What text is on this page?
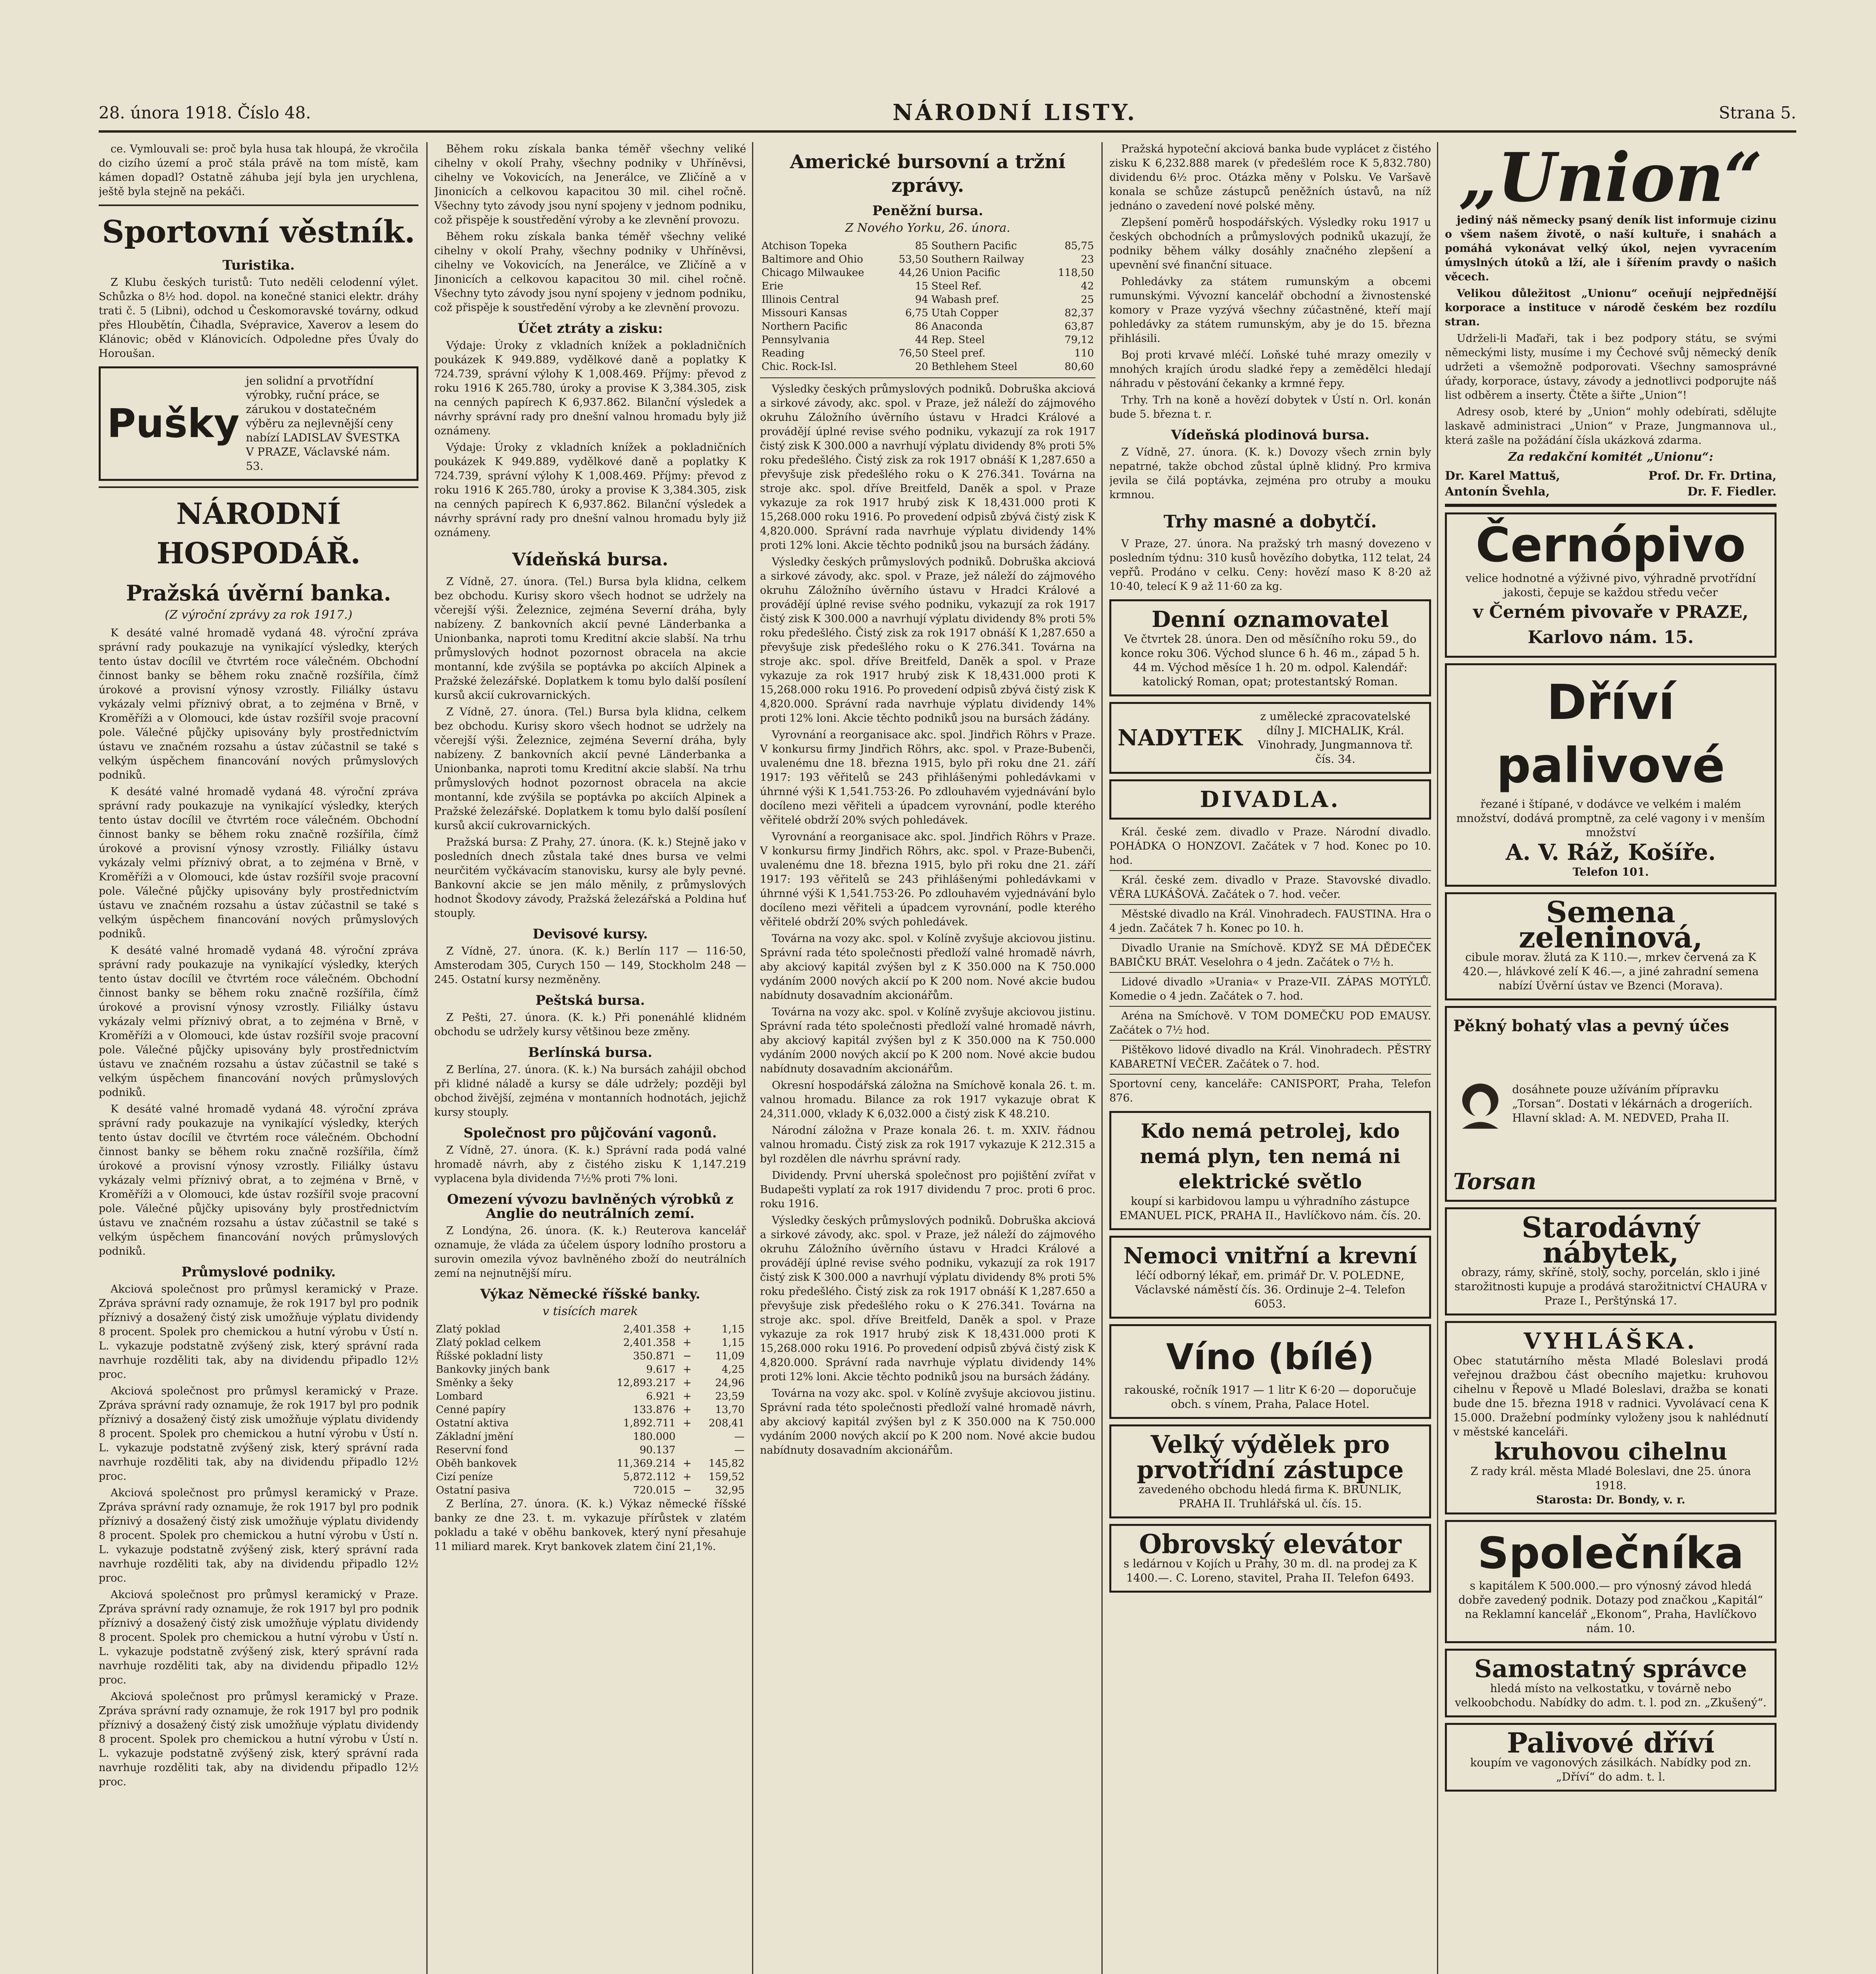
28. února 1918. Číslo 48.	NÁRODNÍ LISTY.	Strana 5.

ce. Vymlouvali se: proč byla husa tak hloupá, že vkročila do cizího území a proč stála právě na tom místě, kam kámen dopadl? Ostatně záhuba její byla jen urychlena, ještě byla stejně na pekáči.

Sportovní věstník.
Turistika.

Z Klubu českých turistů: Tuto neděli celodenní výlet. Schůzka o 8½ hod. dopol. na konečné stanici elektr. dráhy trati č. 5 (Libni), odchod u Českomoravské továrny, odkud přes Hloubětín, Čihadla, Svépravice, Xaverov a lesem do Klánovic; oběd v Klánovicích. Odpoledne přes Úvaly do Horoušan.

Pušky
jen solidní a prvotřídní výrobky, ruční práce, se zárukou v dostatečném výběru za nejlevnější ceny nabízí LADISLAV ŠVESTKA V PRAZE, Václavské nám. 53.
NÁRODNÍ HOSPODÁŘ.
Pražská úvěrní banka.
(Z výroční zprávy za rok 1917.)

K desáté valné hromadě vydaná 48. výroční zpráva správní rady poukazuje na vynikající výsledky, kterých tento ústav docílil ve čtvrtém roce válečném. Obchodní činnost banky se během roku značně rozšířila, čímž úrokové a provisní výnosy vzrostly. Filiálky ústavu vykázaly velmi příznivý obrat, a to zejména v Brně, v Kroměříži a v Olomouci, kde ústav rozšířil svoje pracovní pole. Válečné půjčky upisovány byly prostřednictvím ústavu ve značném rozsahu a ústav zúčastnil se také s velkým úspěchem financování nových průmyslových podniků.

K desáté valné hromadě vydaná 48. výroční zpráva správní rady poukazuje na vynikající výsledky, kterých tento ústav docílil ve čtvrtém roce válečném. Obchodní činnost banky se během roku značně rozšířila, čímž úrokové a provisní výnosy vzrostly. Filiálky ústavu vykázaly velmi příznivý obrat, a to zejména v Brně, v Kroměříži a v Olomouci, kde ústav rozšířil svoje pracovní pole. Válečné půjčky upisovány byly prostřednictvím ústavu ve značném rozsahu a ústav zúčastnil se také s velkým úspěchem financování nových průmyslových podniků.

K desáté valné hromadě vydaná 48. výroční zpráva správní rady poukazuje na vynikající výsledky, kterých tento ústav docílil ve čtvrtém roce válečném. Obchodní činnost banky se během roku značně rozšířila, čímž úrokové a provisní výnosy vzrostly. Filiálky ústavu vykázaly velmi příznivý obrat, a to zejména v Brně, v Kroměříži a v Olomouci, kde ústav rozšířil svoje pracovní pole. Válečné půjčky upisovány byly prostřednictvím ústavu ve značném rozsahu a ústav zúčastnil se také s velkým úspěchem financování nových průmyslových podniků.

K desáté valné hromadě vydaná 48. výroční zpráva správní rady poukazuje na vynikající výsledky, kterých tento ústav docílil ve čtvrtém roce válečném. Obchodní činnost banky se během roku značně rozšířila, čímž úrokové a provisní výnosy vzrostly. Filiálky ústavu vykázaly velmi příznivý obrat, a to zejména v Brně, v Kroměříži a v Olomouci, kde ústav rozšířil svoje pracovní pole. Válečné půjčky upisovány byly prostřednictvím ústavu ve značném rozsahu a ústav zúčastnil se také s velkým úspěchem financování nových průmyslových podniků.

Průmyslové podniky.

Akciová společnost pro průmysl keramický v Praze. Zpráva správní rady oznamuje, že rok 1917 byl pro podnik příznivý a dosažený čistý zisk umožňuje výplatu dividendy 8 procent. Spolek pro chemickou a hutní výrobu v Ústí n. L. vykazuje podstatně zvýšený zisk, který správní rada navrhuje rozděliti tak, aby na dividendu připadlo 12½ proc.

Akciová společnost pro průmysl keramický v Praze. Zpráva správní rady oznamuje, že rok 1917 byl pro podnik příznivý a dosažený čistý zisk umožňuje výplatu dividendy 8 procent. Spolek pro chemickou a hutní výrobu v Ústí n. L. vykazuje podstatně zvýšený zisk, který správní rada navrhuje rozděliti tak, aby na dividendu připadlo 12½ proc.

Akciová společnost pro průmysl keramický v Praze. Zpráva správní rady oznamuje, že rok 1917 byl pro podnik příznivý a dosažený čistý zisk umožňuje výplatu dividendy 8 procent. Spolek pro chemickou a hutní výrobu v Ústí n. L. vykazuje podstatně zvýšený zisk, který správní rada navrhuje rozděliti tak, aby na dividendu připadlo 12½ proc.

Akciová společnost pro průmysl keramický v Praze. Zpráva správní rady oznamuje, že rok 1917 byl pro podnik příznivý a dosažený čistý zisk umožňuje výplatu dividendy 8 procent. Spolek pro chemickou a hutní výrobu v Ústí n. L. vykazuje podstatně zvýšený zisk, který správní rada navrhuje rozděliti tak, aby na dividendu připadlo 12½ proc.

Akciová společnost pro průmysl keramický v Praze. Zpráva správní rady oznamuje, že rok 1917 byl pro podnik příznivý a dosažený čistý zisk umožňuje výplatu dividendy 8 procent. Spolek pro chemickou a hutní výrobu v Ústí n. L. vykazuje podstatně zvýšený zisk, který správní rada navrhuje rozděliti tak, aby na dividendu připadlo 12½ proc.

Během roku získala banka téměř všechny veliké cihelny v okolí Prahy, všechny podniky v Uhříněvsi, cihelny ve Vokovicích, na Jenerálce, ve Zličíně a v Jinonicích a celkovou kapacitou 30 mil. cihel ročně. Všechny tyto závody jsou nyní spojeny v jednom podniku, což přispěje k soustředění výroby a ke zlevnění provozu.

Během roku získala banka téměř všechny veliké cihelny v okolí Prahy, všechny podniky v Uhříněvsi, cihelny ve Vokovicích, na Jenerálce, ve Zličíně a v Jinonicích a celkovou kapacitou 30 mil. cihel ročně. Všechny tyto závody jsou nyní spojeny v jednom podniku, což přispěje k soustředění výroby a ke zlevnění provozu.

Účet ztráty a zisku:

Výdaje: Úroky z vkladních knížek a pokladničních poukázek K 949.889, vydělkové daně a poplatky K 724.739, správní výlohy K 1,008.469. Příjmy: převod z roku 1916 K 265.780, úroky a provise K 3,384.305, zisk na cenných papírech K 6,937.862. Bilanční výsledek a návrhy správní rady pro dnešní valnou hromadu byly již oznámeny.

Výdaje: Úroky z vkladních knížek a pokladničních poukázek K 949.889, vydělkové daně a poplatky K 724.739, správní výlohy K 1,008.469. Příjmy: převod z roku 1916 K 265.780, úroky a provise K 3,384.305, zisk na cenných papírech K 6,937.862. Bilanční výsledek a návrhy správní rady pro dnešní valnou hromadu byly již oznámeny.

Vídeňská bursa.

Z Vídně, 27. února. (Tel.) Bursa byla klidna, celkem bez obchodu. Kurisy skoro všech hodnot se udržely na včerejší výši. Železnice, zejména Severní dráha, byly nabízeny. Z bankovních akcií pevné Länderbanka a Unionbanka, naproti tomu Kreditní akcie slabší. Na trhu průmyslových hodnot pozornost obracela na akcie montanní, kde zvýšila se poptávka po akciích Alpinek a Pražské železářské. Doplatkem k tomu bylo další posílení kursů akcií cukrovarnických.

Z Vídně, 27. února. (Tel.) Bursa byla klidna, celkem bez obchodu. Kurisy skoro všech hodnot se udržely na včerejší výši. Železnice, zejména Severní dráha, byly nabízeny. Z bankovních akcií pevné Länderbanka a Unionbanka, naproti tomu Kreditní akcie slabší. Na trhu průmyslových hodnot pozornost obracela na akcie montanní, kde zvýšila se poptávka po akciích Alpinek a Pražské železářské. Doplatkem k tomu bylo další posílení kursů akcií cukrovarnických.

Pražská bursa: Z Prahy, 27. února. (K. k.) Stejně jako v posledních dnech zůstala také dnes bursa ve velmi neurčitém vyčkávacím stanovisku, kursy ale byly pevné. Bankovní akcie se jen málo měnily, z průmyslových hodnot Škodovy závody, Pražská železářská a Poldina huť stouply.

Devisové kursy.

Z Vídně, 27. února. (K. k.) Berlín 117 — 116·50, Amsterodam 305, Curych 150 — 149, Stockholm 248 — 245. Ostatní kursy nezměněny.

Peštská bursa.

Z Pešti, 27. února. (K. k.) Při ponenáhlé klidném obchodu se udržely kursy většinou beze změny.

Berlínská bursa.

Z Berlína, 27. února. (K. k.) Na bursách zahájil obchod při klidné náladě a kursy se dále udržely; později byl obchod živější, zejména v montanních hodnotách, jejichž kursy stouply.

Společnost pro půjčování vagonů.

Z Vídně, 27. února. (K. k.) Správní rada podá valné hromadě návrh, aby z čistého zisku K 1,147.219 vyplacena byla dividenda 7½% proti 7% loni.

Omezení vývozu bavlněných výrobků z Anglie do neutrálních zemí.

Z Londýna, 26. února. (K. k.) Reuterova kancelář oznamuje, že vláda za účelem úspory lodního prostoru a surovin omezila vývoz bavlněného zboží do neutrálních zemí na nejnutnější míru.

Výkaz Německé říšské banky.
v tisících marek
Zlatý poklad	2,401.358	+	1,15
Zlatý poklad celkem	2,401.358	+	1,15
Říšské pokladní listy	350.871	−	11,09
Bankovky jiných bank	9.617	+	4,25
Směnky a šeky	12,893.217	+	24,96
Lombard	6.921	+	23,59
Cenné papíry	133.876	+	13,70
Ostatní aktiva	1,892.711	+	208,41
Základní jmění	180.000		—
Reservní fond	90.137		—
Oběh bankovek	11,369.214	+	145,82
Cizí peníze	5,872.112	+	159,52
Ostatní pasiva	720.015	−	32,95

Z Berlína, 27. února. (K. k.) Výkaz německé říšské banky ze dne 23. t. m. vykazuje přírůstek v zlatém pokladu a také v oběhu bankovek, který nyní přesahuje 11 miliard marek. Kryt bankovek zlatem činí 21,1%.

Americké bursovní a tržní zprávy.
Peněžní bursa.
Z Nového Yorku, 26. února.
Atchison Topeka	85	Southern Pacific	85,75
Baltimore and Ohio	53,50	Southern Railway	23
Chicago Milwaukee	44,26	Union Pacific	118,50
Erie	15	Steel Ref.	42
Illinois Central	94	Wabash pref.	25
Missouri Kansas	6,75	Utah Copper	82,37
Northern Pacific	86	Anaconda	63,87
Pennsylvania	44	Rep. Steel	79,12
Reading	76,50	Steel pref.	110
Chic. Rock-Isl.	20	Bethlehem Steel	80,60

Výsledky českých průmyslových podniků. Dobruška akciová a sirkové závody, akc. spol. v Praze, jež náleží do zájmového okruhu Záložního úvěrního ústavu v Hradci Králové a provádějí úplné revise svého podniku, vykazují za rok 1917 čistý zisk K 300.000 a navrhují výplatu dividendy 8% proti 5% roku předešlého. Čistý zisk za rok 1917 obnáší K 1,287.650 a převyšuje zisk předešlého roku o K 276.341. Továrna na stroje akc. spol. dříve Breitfeld, Daněk a spol. v Praze vykazuje za rok 1917 hrubý zisk K 18,431.000 proti K 15,268.000 roku 1916. Po provedení odpisů zbývá čistý zisk K 4,820.000. Správní rada navrhuje výplatu dividendy 14% proti 12% loni. Akcie těchto podniků jsou na bursách žádány.

Výsledky českých průmyslových podniků. Dobruška akciová a sirkové závody, akc. spol. v Praze, jež náleží do zájmového okruhu Záložního úvěrního ústavu v Hradci Králové a provádějí úplné revise svého podniku, vykazují za rok 1917 čistý zisk K 300.000 a navrhují výplatu dividendy 8% proti 5% roku předešlého. Čistý zisk za rok 1917 obnáší K 1,287.650 a převyšuje zisk předešlého roku o K 276.341. Továrna na stroje akc. spol. dříve Breitfeld, Daněk a spol. v Praze vykazuje za rok 1917 hrubý zisk K 18,431.000 proti K 15,268.000 roku 1916. Po provedení odpisů zbývá čistý zisk K 4,820.000. Správní rada navrhuje výplatu dividendy 14% proti 12% loni. Akcie těchto podniků jsou na bursách žádány.

Vyrovnání a reorganisace akc. spol. Jindřich Röhrs v Praze. V konkursu firmy Jindřich Röhrs, akc. spol. v Praze-Bubenči, uvalenému dne 18. března 1915, bylo při roku dne 21. září 1917: 193 věřitelů se 243 přihlášenými pohledávkami v úhrnné výši K 1,541.753·26. Po zdlouhavém vyjednávání bylo docíleno mezi věřiteli a úpadcem vyrovnání, podle kterého věřitelé obdrží 20% svých pohledávek.

Vyrovnání a reorganisace akc. spol. Jindřich Röhrs v Praze. V konkursu firmy Jindřich Röhrs, akc. spol. v Praze-Bubenči, uvalenému dne 18. března 1915, bylo při roku dne 21. září 1917: 193 věřitelů se 243 přihlášenými pohledávkami v úhrnné výši K 1,541.753·26. Po zdlouhavém vyjednávání bylo docíleno mezi věřiteli a úpadcem vyrovnání, podle kterého věřitelé obdrží 20% svých pohledávek.

Továrna na vozy akc. spol. v Kolíně zvyšuje akciovou jistinu. Správní rada této společnosti předloží valné hromadě návrh, aby akciový kapitál zvýšen byl z K 350.000 na K 750.000 vydáním 2000 nových akcií po K 200 nom. Nové akcie budou nabídnuty dosavadním akcionářům.

Továrna na vozy akc. spol. v Kolíně zvyšuje akciovou jistinu. Správní rada této společnosti předloží valné hromadě návrh, aby akciový kapitál zvýšen byl z K 350.000 na K 750.000 vydáním 2000 nových akcií po K 200 nom. Nové akcie budou nabídnuty dosavadním akcionářům.

Okresní hospodářská záložna na Smíchově konala 26. t. m. valnou hromadu. Bilance za rok 1917 vykazuje obrat K 24,311.000, vklady K 6,032.000 a čistý zisk K 48.210.

Národní záložna v Praze konala 26. t. m. XXIV. řádnou valnou hromadu. Čistý zisk za rok 1917 vykazuje K 212.315 a byl rozdělen dle návrhu správní rady.

Dividendy. První uherská společnost pro pojištění zvířat v Budapešti vyplatí za rok 1917 dividendu 7 proc. proti 6 proc. roku 1916.

Výsledky českých průmyslových podniků. Dobruška akciová a sirkové závody, akc. spol. v Praze, jež náleží do zájmového okruhu Záložního úvěrního ústavu v Hradci Králové a provádějí úplné revise svého podniku, vykazují za rok 1917 čistý zisk K 300.000 a navrhují výplatu dividendy 8% proti 5% roku předešlého. Čistý zisk za rok 1917 obnáší K 1,287.650 a převyšuje zisk předešlého roku o K 276.341. Továrna na stroje akc. spol. dříve Breitfeld, Daněk a spol. v Praze vykazuje za rok 1917 hrubý zisk K 18,431.000 proti K 15,268.000 roku 1916. Po provedení odpisů zbývá čistý zisk K 4,820.000. Správní rada navrhuje výplatu dividendy 14% proti 12% loni. Akcie těchto podniků jsou na bursách žádány.

Továrna na vozy akc. spol. v Kolíně zvyšuje akciovou jistinu. Správní rada této společnosti předloží valné hromadě návrh, aby akciový kapitál zvýšen byl z K 350.000 na K 750.000 vydáním 2000 nových akcií po K 200 nom. Nové akcie budou nabídnuty dosavadním akcionářům.

Pražská hypoteční akciová banka bude vyplácet z čistého zisku K 6,232.888 marek (v předešlém roce K 5,832.780) dividendu 6½ proc. Otázka měny v Polsku. Ve Varšavě konala se schůze zástupců peněžních ústavů, na níž jednáno o zavedení nové polské měny.

Zlepšení poměrů hospodářských. Výsledky roku 1917 u českých obchodních a průmyslových podniků ukazují, že podniky během války dosáhly značného zlepšení a upevnění své finanční situace.

Pohledávky za státem rumunským a obcemi rumunskými. Vývozní kancelář obchodní a živnostenské komory v Praze vyzývá všechny zúčastněné, kteří mají pohledávky za státem rumunským, aby je do 15. března přihlásili.

Boj proti krvavé mléčí. Loňské tuhé mrazy omezily v mnohých krajích úrodu sladké řepy a zemědělci hledají náhradu v pěstování čekanky a krmné řepy.

Trhy. Trh na koně a hovězí dobytek v Ústí n. Orl. konán bude 5. března t. r.

Vídeňská plodinová bursa.

Z Vídně, 27. února. (K. k.) Dovozy všech zrnin byly nepatrné, takže obchod zůstal úplně klidný. Pro krmiva jevila se čilá poptávka, zejména pro otruby a mouku krmnou.

Trhy masné a dobytčí.

V Praze, 27. února. Na pražský trh masný dovezeno v posledním týdnu: 310 kusů hovězího dobytka, 112 telat, 24 vepřů. Prodáno v celku. Ceny: hovězí maso K 8·20 až 10·40, telecí K 9 až 11·60 za kg.

Denní oznamovatel
Ve čtvrtek 28. února. Den od měsíčního roku 59., do konce roku 306. Východ slunce 6 h. 46 m., západ 5 h. 44 m. Východ měsíce 1 h. 20 m. odpol. Kalendář: katolický Roman, opat; protestantský Roman.
NADYTEK
z umělecké zpracovatelské dílny J. MICHALIK, Král. Vinohrady, Jungmannova tř. čís. 34.
DIVADLA.

Král. české zem. divadlo v Praze. Národní divadlo. POHÁDKA O HONZOVI. Začátek v 7 hod. Konec po 10. hod.

Král. české zem. divadlo v Praze. Stavovské divadlo. VĚRA LUKÁŠOVÁ. Začátek o 7. hod. večer.

Městské divadlo na Král. Vinohradech. FAUSTINA. Hra o 4 jedn. Začátek 7 h. Konec po 10. h.

Divadlo Uranie na Smíchově. KDYŽ SE MÁ DĚDEČEK BABIČKU BRÁT. Veselohra o 4 jedn. Začátek o 7½ h.

Lidové divadlo »Urania« v Praze-VII. ZÁPAS MOTÝLŮ. Komedie o 4 jedn. Začátek o 7. hod.

Aréna na Smíchově. V TOM DOMEČKU POD EMAUSY. Začátek o 7½ hod.

Pištěkovo lidové divadlo na Král. Vinohradech. PĚSTRY KABARETNÍ VEČER. Začátek o 7. hod.

Sportovní ceny, kanceláře: CANISPORT, Praha, Telefon 876.
Kdo nemá petrolej, kdo nemá plyn, ten nemá ni elektrické světlo
koupí si karbidovou lampu u výhradního zástupce EMANUEL PICK, PRAHA II., Havlíčkovo nám. čís. 20.
Nemoci vnitřní a krevní
léčí odborný lékař, em. primář Dr. V. POLEDNE, Václavské náměstí čís. 36. Ordinuje 2–4. Telefon 6053.
Víno (bílé)
rakouské, ročník 1917 — 1 litr K 6·20 — doporučuje obch. s vínem, Praha, Palace Hotel.
Velký výdělek pro prvotřídní zástupce
zavedeného obchodu hledá firma K. BRUNLIK, PRAHA II. Truhlářská ul. čís. 15.
Obrovský elevátor
s ledárnou v Kojích u Prahy, 30 m. dl. na prodej za K 1400.—. C. Loreno, stavitel, Praha II. Telefon 6493.
„Union“

jediný náš německy psaný deník list informuje cizinu o všem našem životě, o naší kultuře, i snahách a pomáhá vykonávat velký úkol, nejen vyvracením úmyslných útoků a lží, ale i šířením pravdy o našich věcech.

Velikou důležitost „Unionu“ oceňují nejpřednější korporace a instituce v národě českém bez rozdílu stran.

Udrželi-li Maďaři, tak i bez podpory státu, se svými německými listy, musíme i my Čechové svůj německý deník udržeti a všemožně podporovati. Všechny samosprávné úřady, korporace, ústavy, závody a jednotlivci podporujte náš list odběrem a inserty. Čtěte a šiřte „Union“!

Adresy osob, které by „Union“ mohly odebírati, sdělujte laskavě administraci „Union“ v Praze, Jungmannova ul., která zašle na požádání čísla ukázková zdarma.

Za redakční komitét „Unionu“:
Dr. Karel Mattuš,	Prof. Dr. Fr. Drtina,
Antonín Švehla,	Dr. F. Fiedler.
Černópivo
velice hodnotné a výživné pivo, výhradně prvotřídní jakosti, čepuje se každou středu večer
v Černém pivovaře v PRAZE, Karlovo nám. 15.
Dříví palivové
řezané i štípané, v dodávce ve velkém i malém množství, dodává promptně, za celé vagony i v menším množství
A. V. Ráž, Košíře.
Telefon 101.
Semena zeleninová,
cibule morav. žlutá za K 110.—, mrkev červená za K 420.—, hlávkové zelí K 46.—, a jiné zahradní semena nabízí Úvěrní ústav ve Bzenci (Morava).
Pěkný bohatý vlas a pevný účes
dosáhnete pouze užíváním přípravku „Torsan“. Dostati v lékárnách a drogeriích. Hlavní sklad: A. M. NEDVED, Praha II.
Torsan
Starodávný nábytek,
obrazy, rámy, skříně, stoly, sochy, porcelán, sklo i jiné starožitnosti kupuje a prodává starožitnictví CHAURA v Praze I., Perštýnská 17.
VYHLÁŠKA.
Obec statutárního města Mladé Boleslavi prodá veřejnou dražbou část obecního majetku: kruhovou cihelnu v Řepově u Mladé Boleslavi, dražba se konati bude dne 15. března 1918 v radnici. Vyvolávací cena K 15.000. Dražební podmínky vyloženy jsou k nahlédnutí v městské kanceláři.
kruhovou cihelnu
Z rady král. města Mladé Boleslavi, dne 25. února 1918.
Starosta: Dr. Bondy, v. r.
Společníka
s kapitálem K 500.000.— pro výnosný závod hledá dobře zavedený podnik. Dotazy pod značkou „Kapitál“ na Reklamní kancelář „Ekonom“, Praha, Havlíčkovo nám. 10.
Samostatný správce
hledá místo na velkostatku, v továrně nebo velkoobchodu. Nabídky do adm. t. l. pod zn. „Zkušený“.
Palivové dříví
koupím ve vagonových zásilkách. Nabídky pod zn. „Dříví“ do adm. t. l.
